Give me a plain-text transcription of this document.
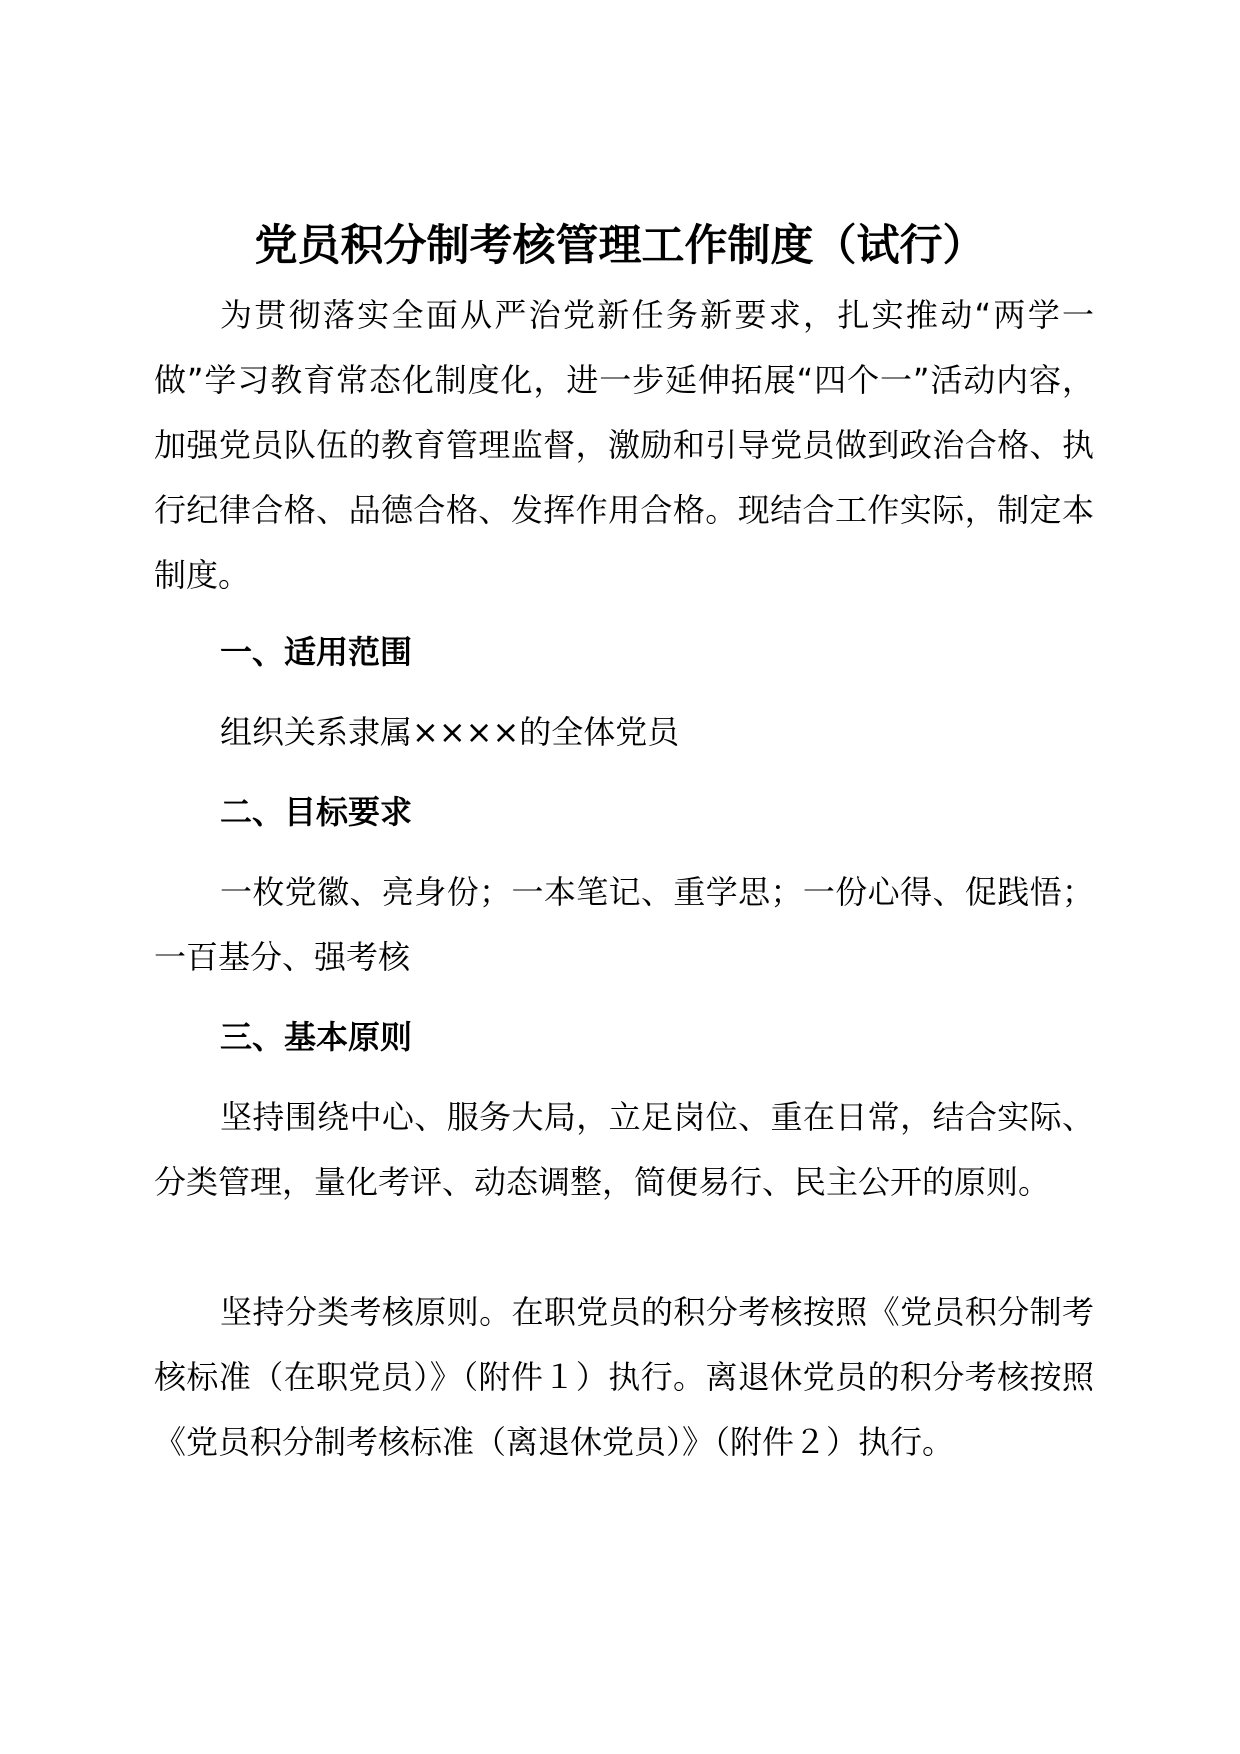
党员积分制考核管理工作制度（试行）
为贯彻落实全面从严治党新任务新要求，扎实推动“两学一做”学习教育常态化制度化，进一步延伸拓展“四个一”活动内容，加强党员队伍的教育管理监督，激励和引导党员做到政治合格、执行纪律合格、品德合格、发挥作用合格。现结合工作实际，制定本制度。
一、适用范围
组织关系隶属××××的全体党员
二、目标要求
一枚党徽、亮身份；一本笔记、重学思；一份心得、促践悟；一百基分、强考核
三、基本原则
坚持围绕中心、服务大局，立足岗位、重在日常，结合实际、分类管理，量化考评、动态调整，简便易行、民主公开的原则。
坚持分类考核原则。在职党员的积分考核按照《党员积分制考核标准（在职党员）》（附件１）执行。离退休党员的积分考核按照《党员积分制考核标准（离退休党员）》（附件２）执行。
